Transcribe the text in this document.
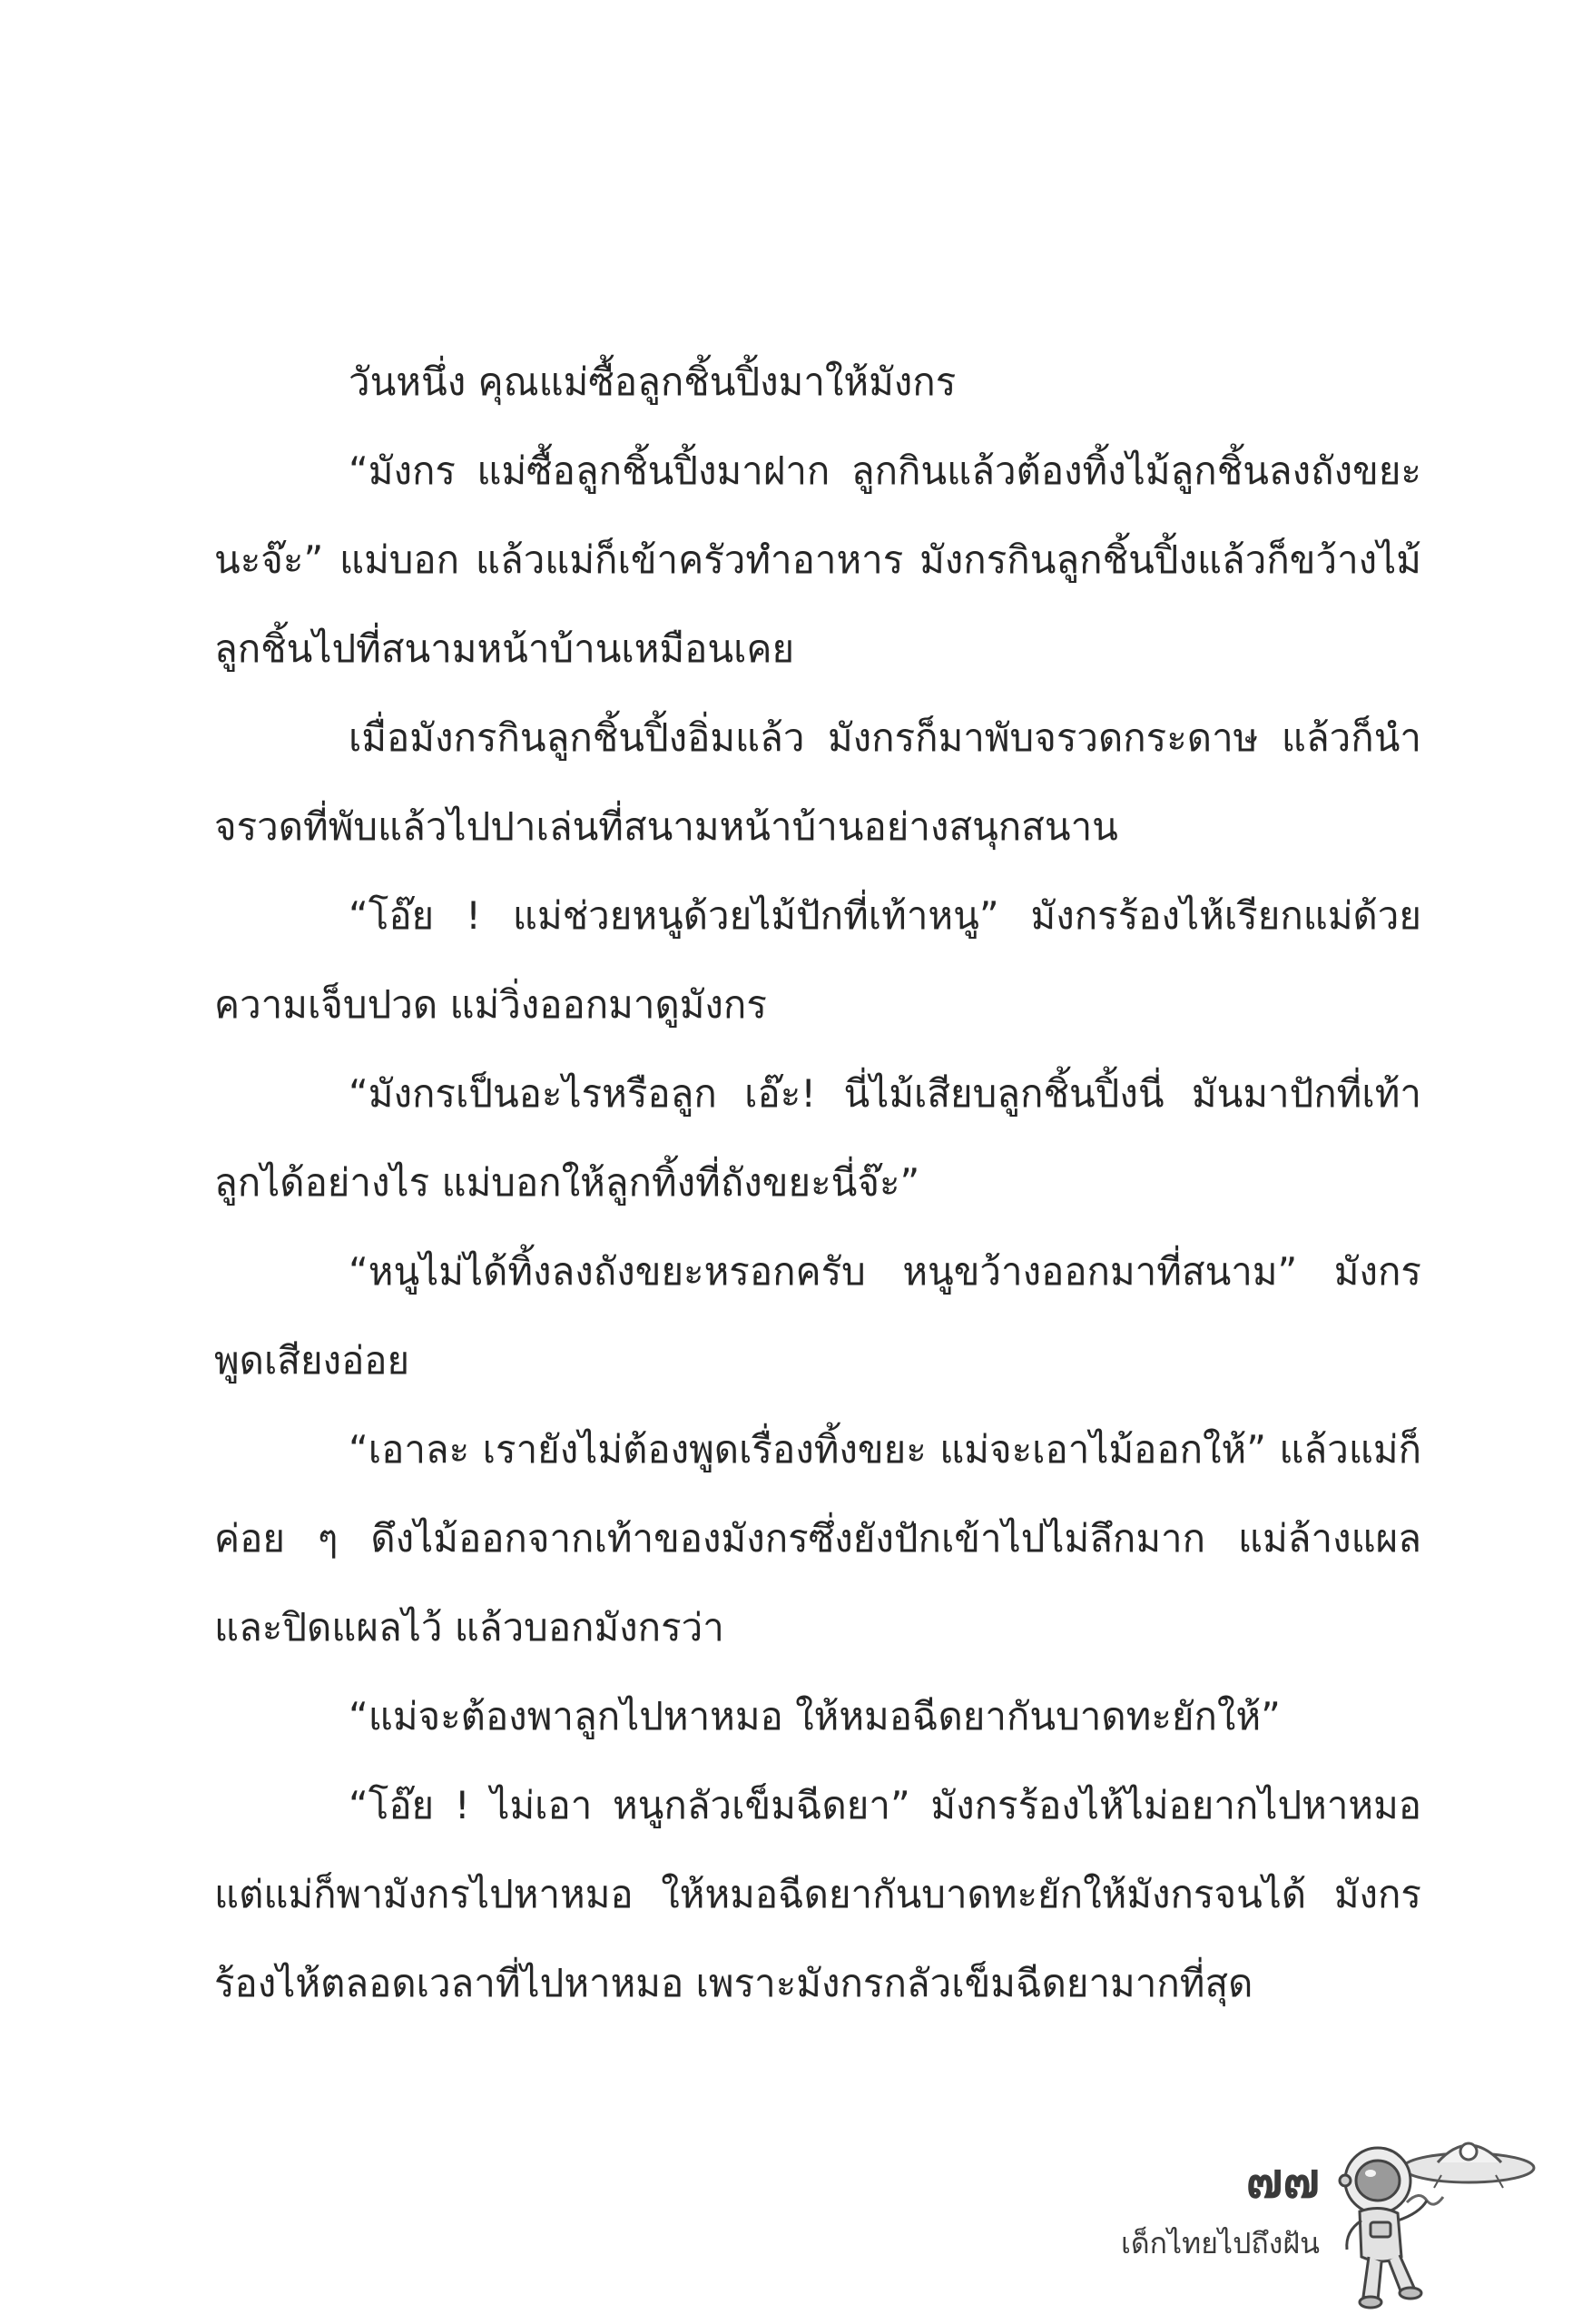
วันหนึ่ง คุณแม่ซื้อลูกชิ้นปิ้งมาให้มังกร

“มังกร แม่ซื้อลูกชิ้นปิ้งมาฝาก ลูกกินแล้วต้องทิ้งไม้ลูกชิ้นลงถังขยะนะจ๊ะ” แม่บอก แล้วแม่ก็เข้าครัวทำอาหาร มังกรกินลูกชิ้นปิ้งแล้วก็ขว้างไม้ลูกชิ้นไปที่สนามหน้าบ้านเหมือนเคย

เมื่อมังกรกินลูกชิ้นปิ้งอิ่มแล้ว มังกรก็มาพับจรวดกระดาษ แล้วก็นำจรวดที่พับแล้วไปปาเล่นที่สนามหน้าบ้านอย่างสนุกสนาน

“โอ๊ย ! แม่ช่วยหนูด้วยไม้ปักที่เท้าหนู” มังกรร้องไห้เรียกแม่ด้วยความเจ็บปวด แม่วิ่งออกมาดูมังกร

“มังกรเป็นอะไรหรือลูก เอ๊ะ! นี่ไม้เสียบลูกชิ้นปิ้งนี่ มันมาปักที่เท้าลูกได้อย่างไร แม่บอกให้ลูกทิ้งที่ถังขยะนี่จ๊ะ”

“หนูไม่ได้ทิ้งลงถังขยะหรอกครับ หนูขว้างออกมาที่สนาม” มังกรพูดเสียงอ่อย

“เอาละ เรายังไม่ต้องพูดเรื่องทิ้งขยะ แม่จะเอาไม้ออกให้” แล้วแม่ก็ค่อย ๆ ดึงไม้ออกจากเท้าของมังกรซึ่งยังปักเข้าไปไม่ลึกมาก แม่ล้างแผลและปิดแผลไว้ แล้วบอกมังกรว่า

“แม่จะต้องพาลูกไปหาหมอ ให้หมอฉีดยากันบาดทะยักให้”

“โอ๊ย ! ไม่เอา หนูกลัวเข็มฉีดยา” มังกรร้องไห้ไม่อยากไปหาหมอ แต่แม่ก็พามังกรไปหาหมอ ให้หมอฉีดยากันบาดทะยักให้มังกรจนได้ มังกรร้องไห้ตลอดเวลาที่ไปหาหมอ เพราะมังกรกลัวเข็มฉีดยามากที่สุด

๗๗
เด็กไทยไปถึงฝัน
